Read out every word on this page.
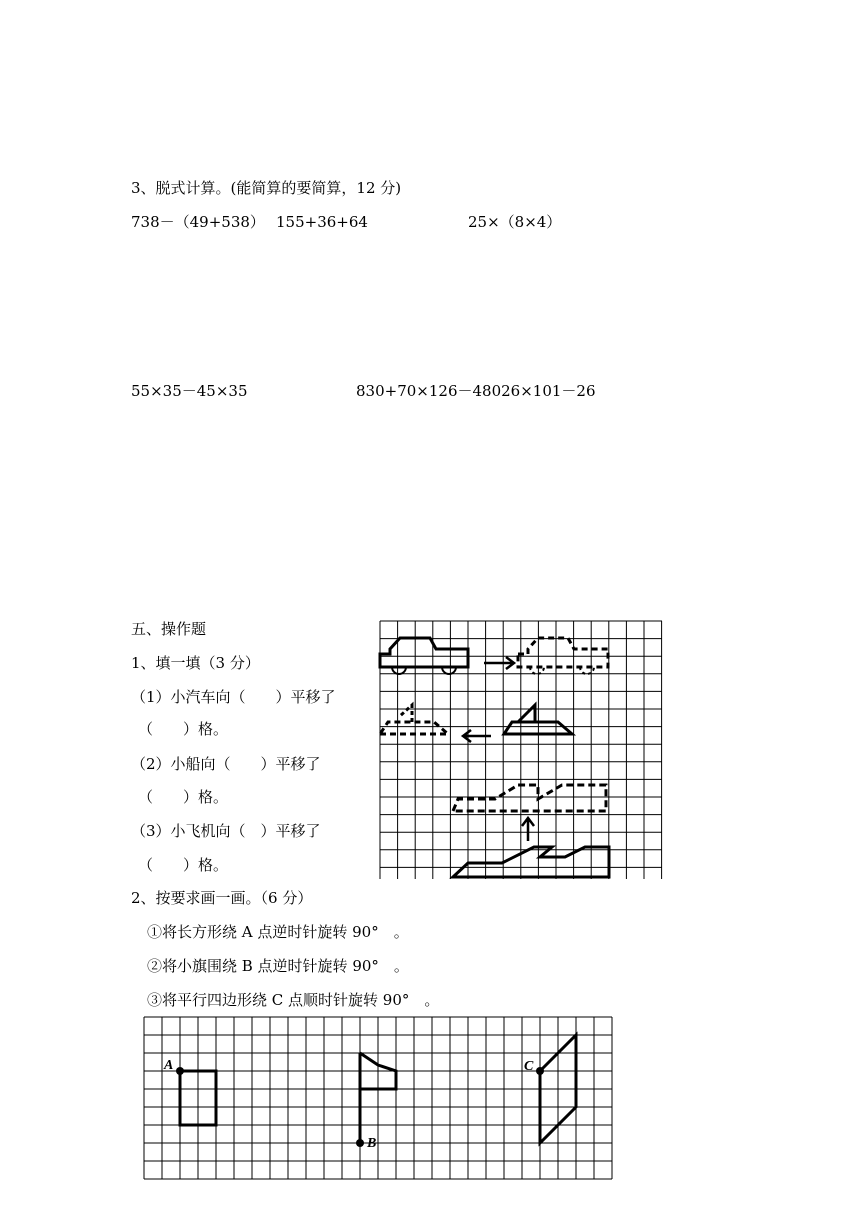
3、脱式计算。(能简算的要简算，12 分)
738－（49+538） 155+36+64	25×（8×4）
55×35－45×35	830+70×126－48026×101－26
五、操作题
1、填一填（3 分）
（1）小汽车向（　　）平移了
（　　）格。
（2）小船向（　　）平移了
（　　）格。
（3）小飞机向（　）平移了
（　　）格。
2、按要求画一画。（6 分）
①将长方形绕 A 点逆时针旋转 90°　。
②将小旗围绕 B 点逆时针旋转 90°　。
③将平行四边形绕 C 点顺时针旋转 90°　。
A
B
C
